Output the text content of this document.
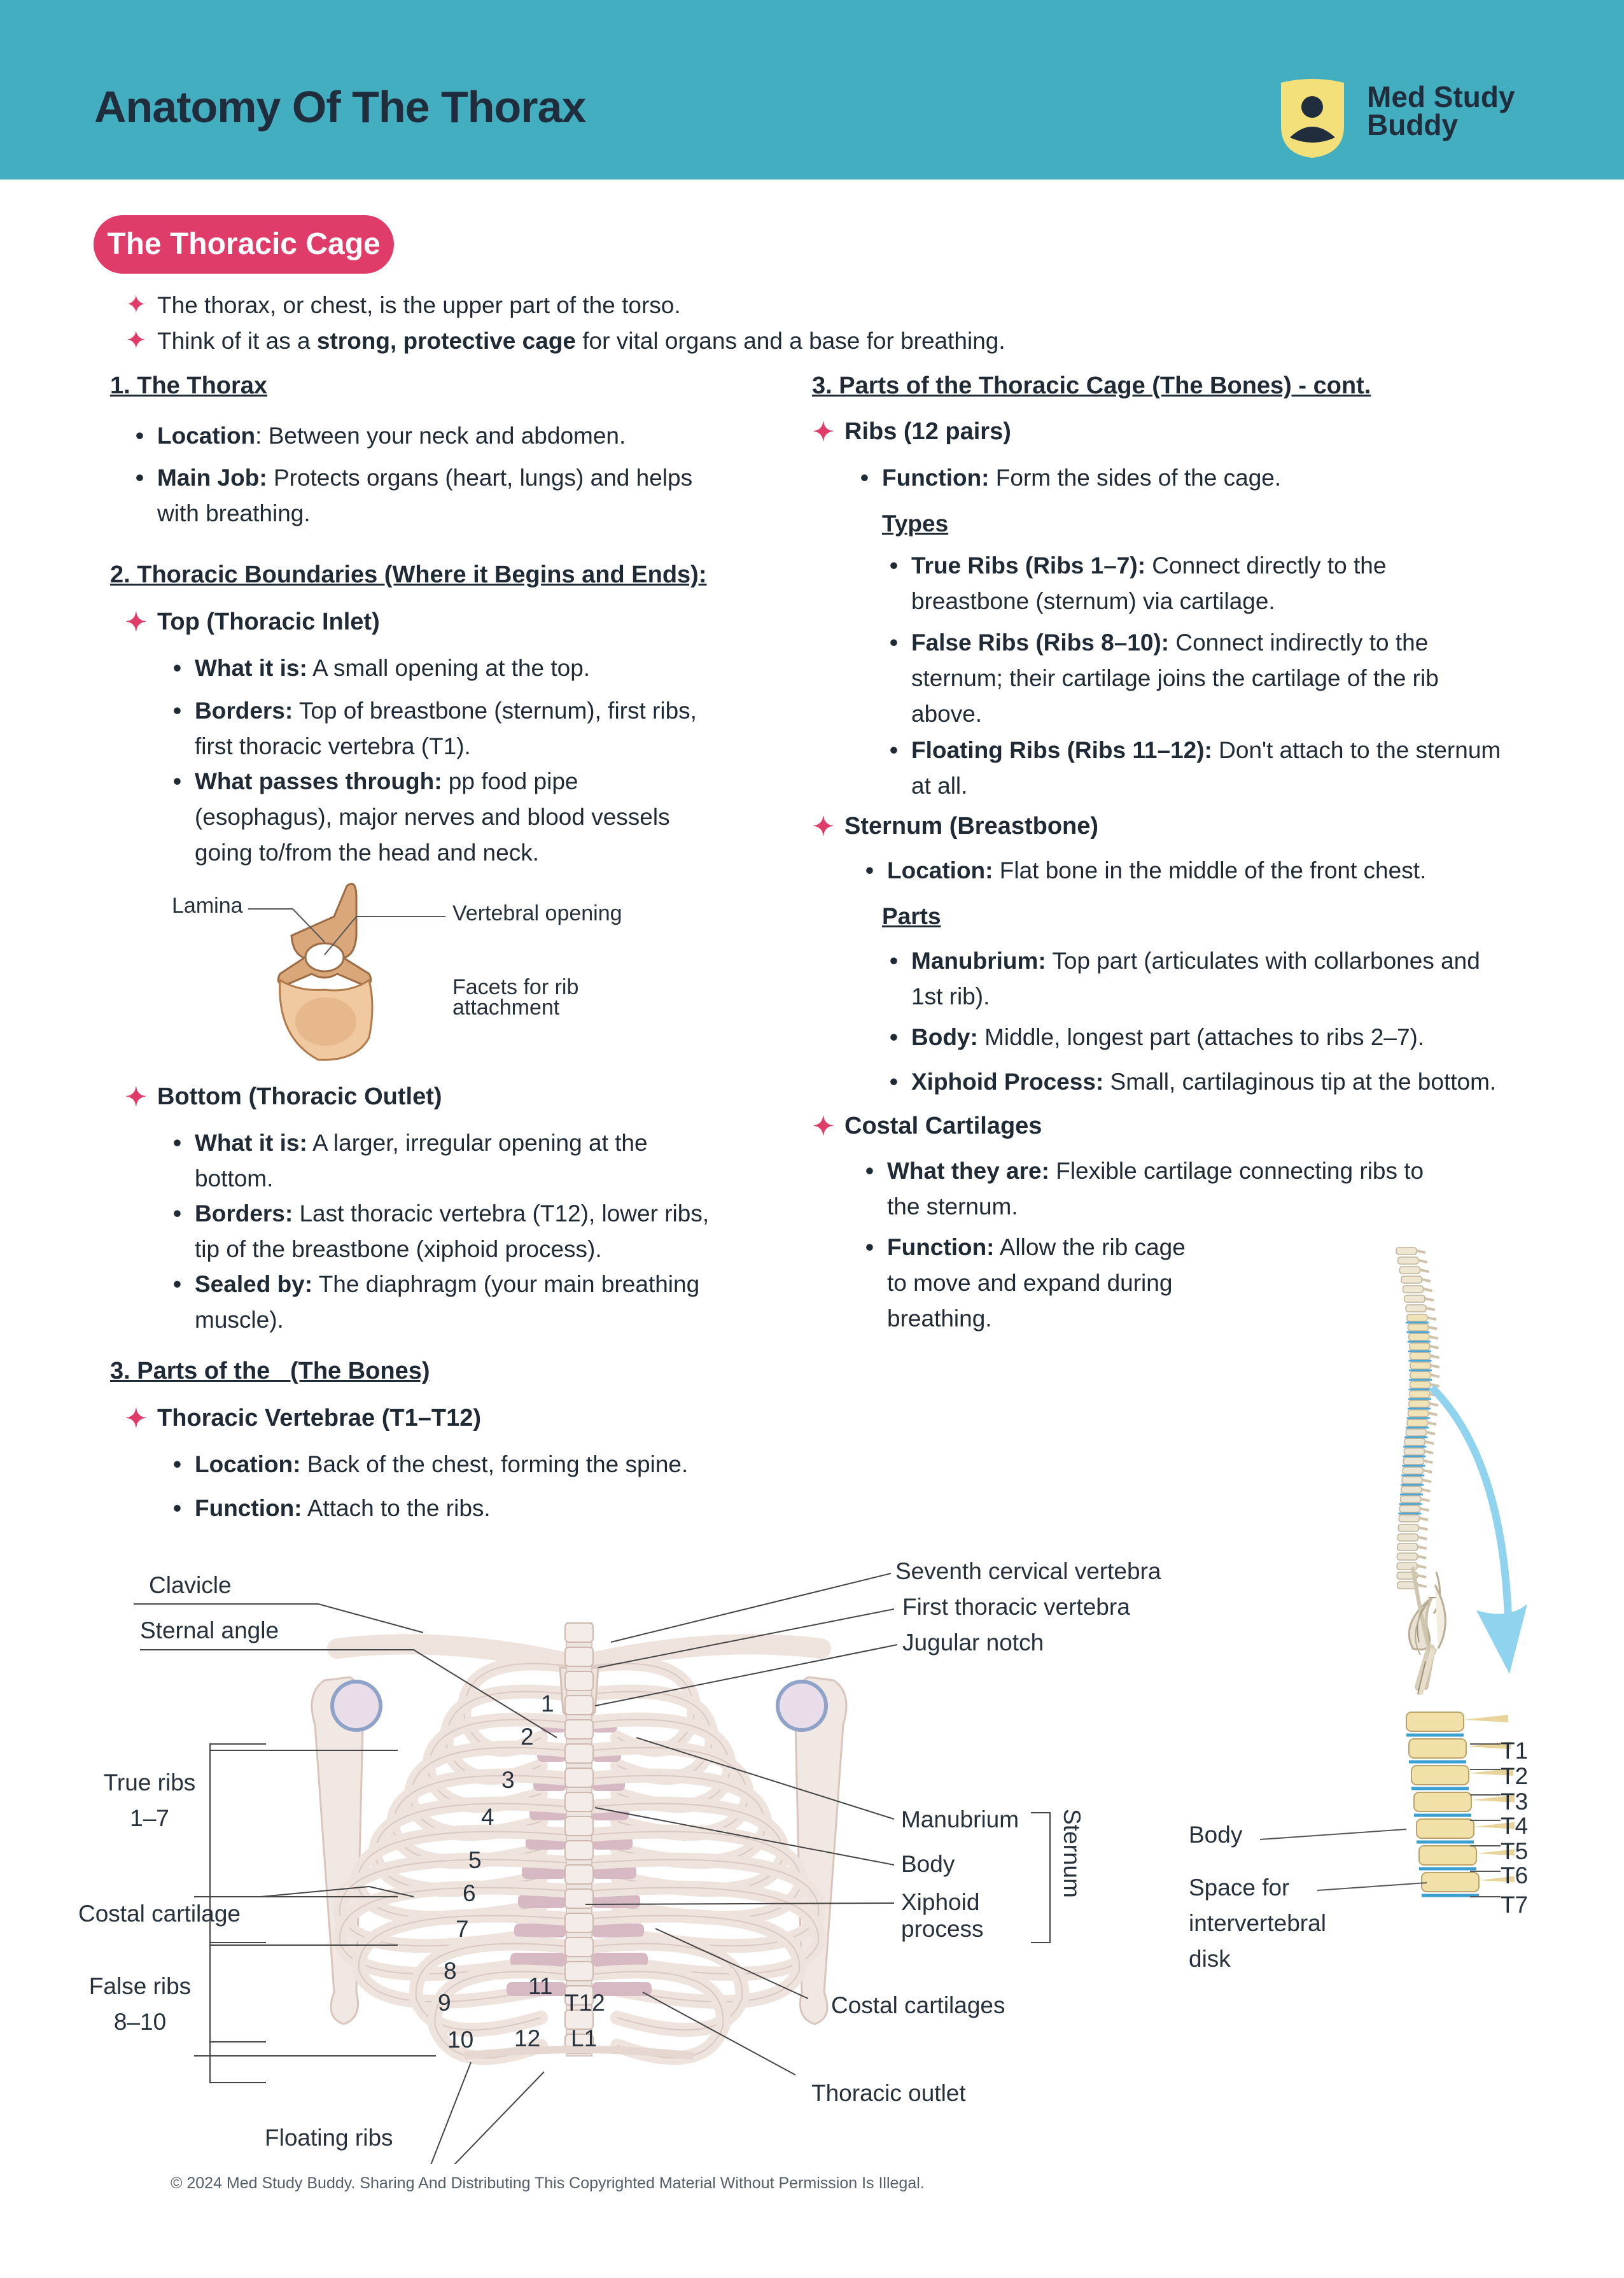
Anatomy Of The Thorax	Med Study
Buddy
The Thoracic Cage
✦ The thorax, or chest, is the upper part of the torso.
✦ Think of it as a strong, protective cage for vital organs and a base for breathing.
1. The Thorax
• Location: Between your neck and abdomen.
• Main Job: Protects organs (heart, lungs) and helps
with breathing.
2. Thoracic Boundaries (Where it Begins and Ends):
✦ Top (Thoracic Inlet)
• What it is: A small opening at the top.
• Borders: Top of breastbone (sternum), first ribs,
first thoracic vertebra (T1).
• What passes through: pp food pipe
(esophagus), major nerves and blood vessels
going to/from the head and neck.
Lamina	Vertebral opening
Facets for rib
attachment
✦ Bottom (Thoracic Outlet)
• What it is: A larger, irregular opening at the
bottom.
• Borders: Last thoracic vertebra (T12), lower ribs,
tip of the breastbone (xiphoid process).
• Sealed by: The diaphragm (your main breathing
muscle).
3. Parts of the   (The Bones)
✦ Thoracic Vertebrae (T1–T12)
• Location: Back of the chest, forming the spine.
• Function: Attach to the ribs.
3. Parts of the Thoracic Cage (The Bones) - cont.
✦ Ribs (12 pairs)
• Function: Form the sides of the cage.
Types
• True Ribs (Ribs 1–7): Connect directly to the
breastbone (sternum) via cartilage.
• False Ribs (Ribs 8–10): Connect indirectly to the
sternum; their cartilage joins the cartilage of the rib
above.
• Floating Ribs (Ribs 11–12): Don't attach to the sternum
at all.
✦ Sternum (Breastbone)
• Location: Flat bone in the middle of the front chest.
Parts
• Manubrium: Top part (articulates with collarbones and
1st rib).
• Body: Middle, longest part (attaches to ribs 2–7).
• Xiphoid Process: Small, cartilaginous tip at the bottom.
✦ Costal Cartilages
• What they are: Flexible cartilage connecting ribs to
the sternum.
• Function: Allow the rib cage
to move and expand during
breathing.
Body
Space for
intervertebral
disk
T1
T2
T3
T4
T5
T6
T7
Clavicle
Sternal angle
True ribs
1–7
Costal cartilage
False ribs
8–10
Floating ribs
Seventh cervical vertebra
First thoracic vertebra
Jugular notch
Manubrium
Body
Xiphoid
process
Sternum
Costal cartilages
Thoracic outlet
1
2
3
4
5
6
7
8
9
10
11
12
T12
L1
© 2024 Med Study Buddy. Sharing And Distributing This Copyrighted Material Without Permission Is Illegal.
